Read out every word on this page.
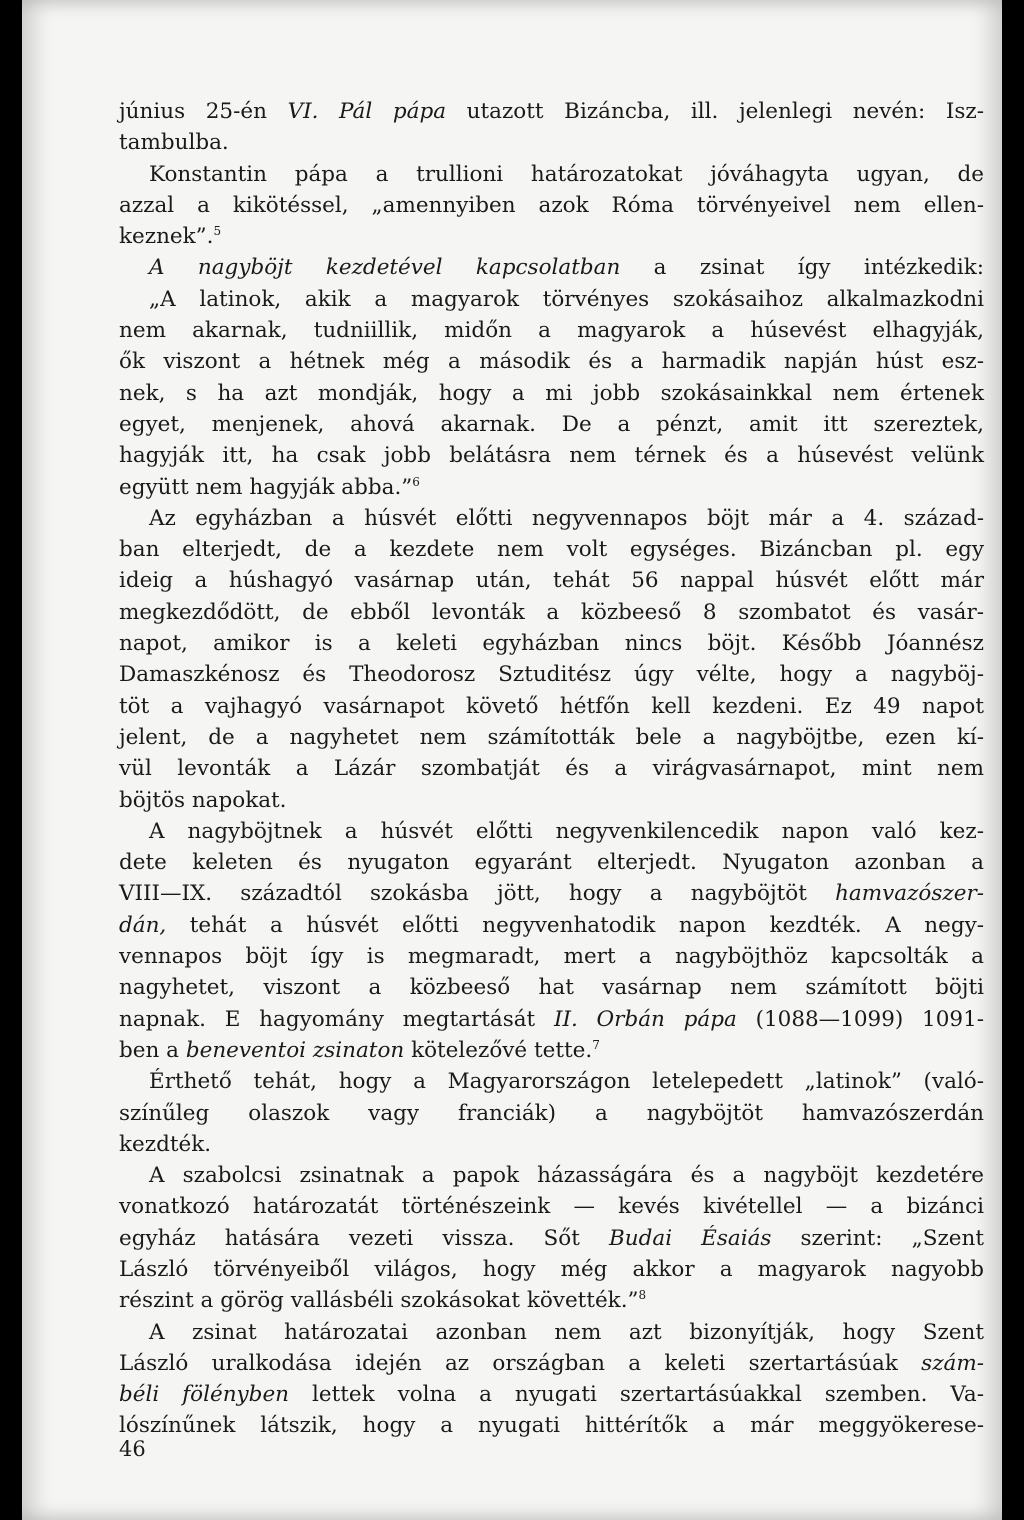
június 25-én VI. Pál pápa utazott Bizáncba, ill. jelenlegi nevén: Isz-
tambulba.
Konstantin pápa a trullioni határozatokat jóváhagyta ugyan, de
azzal a kikötéssel, „amennyiben azok Róma törvényeivel nem ellen-
keznek”.$^5$
A nagyböjt kezdetével kapcsolatban a zsinat így intézkedik:
„A latinok, akik a magyarok törvényes szokásaihoz alkalmazkodni
nem akarnak, tudniillik, midőn a magyarok a húsevést elhagyják,
ők viszont a hétnek még a második és a harmadik napján húst esz-
nek, s ha azt mondják, hogy a mi jobb szokásainkkal nem értenek
egyet, menjenek, ahová akarnak. De a pénzt, amit itt szereztek,
hagyják itt, ha csak jobb belátásra nem térnek és a húsevést velünk
együtt nem hagyják abba.”$^6$
Az egyházban a húsvét előtti negyvennapos böjt már a 4. század-
ban elterjedt, de a kezdete nem volt egységes. Bizáncban pl. egy
ideig a húshagyó vasárnap után, tehát 56 nappal húsvét előtt már
megkezdődött, de ebből levonták a közbeeső 8 szombatot és vasár-
napot, amikor is a keleti egyházban nincs böjt. Később Jóannész
Damaszkénosz és Theodorosz Sztuditész úgy vélte, hogy a nagyböj-
töt a vajhagyó vasárnapot követő hétfőn kell kezdeni. Ez 49 napot
jelent, de a nagyhetet nem számították bele a nagyböjtbe, ezen kí-
vül levonták a Lázár szombatját és a virágvasárnapot, mint nem
böjtös napokat.
A nagyböjtnek a húsvét előtti negyvenkilencedik napon való kez-
dete keleten és nyugaton egyaránt elterjedt. Nyugaton azonban a
VIII—IX. századtól szokásba jött, hogy a nagyböjtöt hamvazószer-
dán, tehát a húsvét előtti negyvenhatodik napon kezdték. A negy-
vennapos böjt így is megmaradt, mert a nagyböjthöz kapcsolták a
nagyhetet, viszont a közbeeső hat vasárnap nem számított böjti
napnak. E hagyomány megtartását II. Orbán pápa (1088—1099) 1091-
ben a beneventoi zsinaton kötelezővé tette.$^7$
Érthető tehát, hogy a Magyarországon letelepedett „latinok” (való-
színűleg olaszok vagy franciák) a nagyböjtöt hamvazószerdán
kezdték.
A szabolcsi zsinatnak a papok házasságára és a nagyböjt kezdetére
vonatkozó határozatát történészeink — kevés kivétellel — a bizánci
egyház hatására vezeti vissza. Sőt Budai Ésaiás szerint: „Szent
László törvényeiből világos, hogy még akkor a magyarok nagyobb
részint a görög vallásbéli szokásokat követték.”$^8$
A zsinat határozatai azonban nem azt bizonyítják, hogy Szent
László uralkodása idején az országban a keleti szertartásúak szám-
béli fölényben lettek volna a nyugati szertartásúakkal szemben. Va-
lószínűnek látszik, hogy a nyugati hittérítők a már meggyökerese-
46
